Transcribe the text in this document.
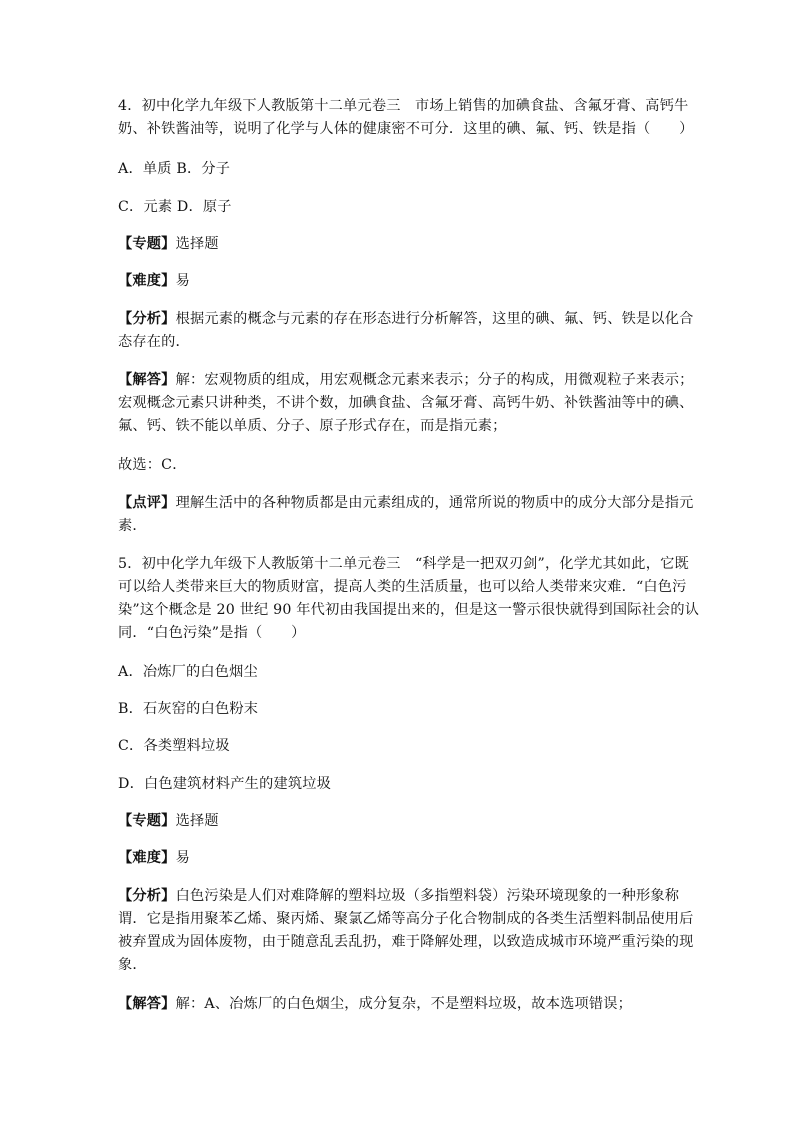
4．初中化学九年级下人教版第十二单元卷三　市场上销售的加碘食盐、含氟牙膏、高钙牛
奶、补铁酱油等，说明了化学与人体的健康密不可分．这里的碘、氟、钙、铁是指（　　）

A．单质 B．分子

C．元素 D．原子

【专题】选择题

【难度】易

【分析】根据元素的概念与元素的存在形态进行分析解答，这里的碘、氟、钙、铁是以化合
态存在的．

【解答】解：宏观物质的组成，用宏观概念元素来表示；分子的构成，用微观粒子来表示；
宏观概念元素只讲种类，不讲个数，加碘食盐、含氟牙膏、高钙牛奶、补铁酱油等中的碘、
氟、钙、铁不能以单质、分子、原子形式存在，而是指元素；

故选：C．

【点评】理解生活中的各种物质都是由元素组成的，通常所说的物质中的成分大部分是指元
素．

5．初中化学九年级下人教版第十二单元卷三　“科学是一把双刃剑”，化学尤其如此，它既
可以给人类带来巨大的物质财富，提高人类的生活质量，也可以给人类带来灾难．“白色污
染”这个概念是 20 世纪 90 年代初由我国提出来的，但是这一警示很快就得到国际社会的认
同．“白色污染”是指（　　）

A．冶炼厂的白色烟尘

B．石灰窑的白色粉末

C．各类塑料垃圾

D．白色建筑材料产生的建筑垃圾

【专题】选择题

【难度】易

【分析】白色污染是人们对难降解的塑料垃圾（多指塑料袋）污染环境现象的一种形象称
谓．它是指用聚苯乙烯、聚丙烯、聚氯乙烯等高分子化合物制成的各类生活塑料制品使用后
被弃置成为固体废物，由于随意乱丢乱扔，难于降解处理，以致造成城市环境严重污染的现
象．

【解答】解：A、冶炼厂的白色烟尘，成分复杂，不是塑料垃圾，故本选项错误；
